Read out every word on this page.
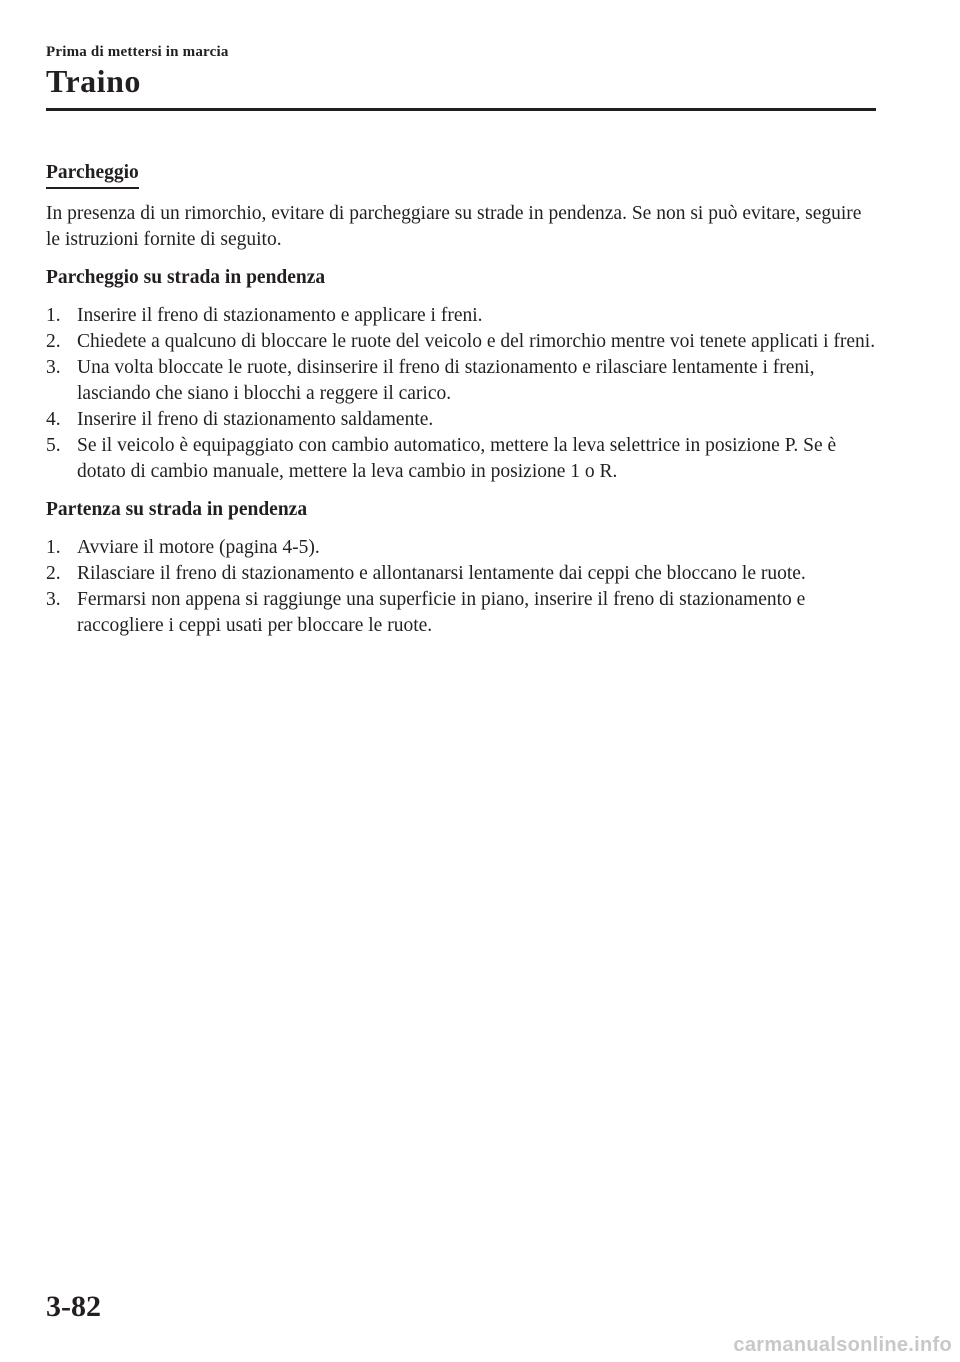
Prima di mettersi in marcia
Traino
Parcheggio

In presenza di un rimorchio, evitare di parcheggiare su strade in pendenza. Se non si può evitare, seguire le istruzioni fornite di seguito.

Parcheggio su strada in pendenza
1. Inserire il freno di stazionamento e applicare i freni.
2. Chiedete a qualcuno di bloccare le ruote del veicolo e del rimorchio mentre voi tenete applicati i freni.
3. Una volta bloccate le ruote, disinserire il freno di stazionamento e rilasciare lentamente i freni, lasciando che siano i blocchi a reggere il carico.
4. Inserire il freno di stazionamento saldamente.
5. Se il veicolo è equipaggiato con cambio automatico, mettere la leva selettrice in posizione P. Se è dotato di cambio manuale, mettere la leva cambio in posizione 1 o R.
Partenza su strada in pendenza
1. Avviare il motore (pagina 4-5).
2. Rilasciare il freno di stazionamento e allontanarsi lentamente dai ceppi che bloccano le ruote.
3. Fermarsi non appena si raggiunge una superficie in piano, inserire il freno di stazionamento e raccogliere i ceppi usati per bloccare le ruote.
3-82
carmanualsonline.info
